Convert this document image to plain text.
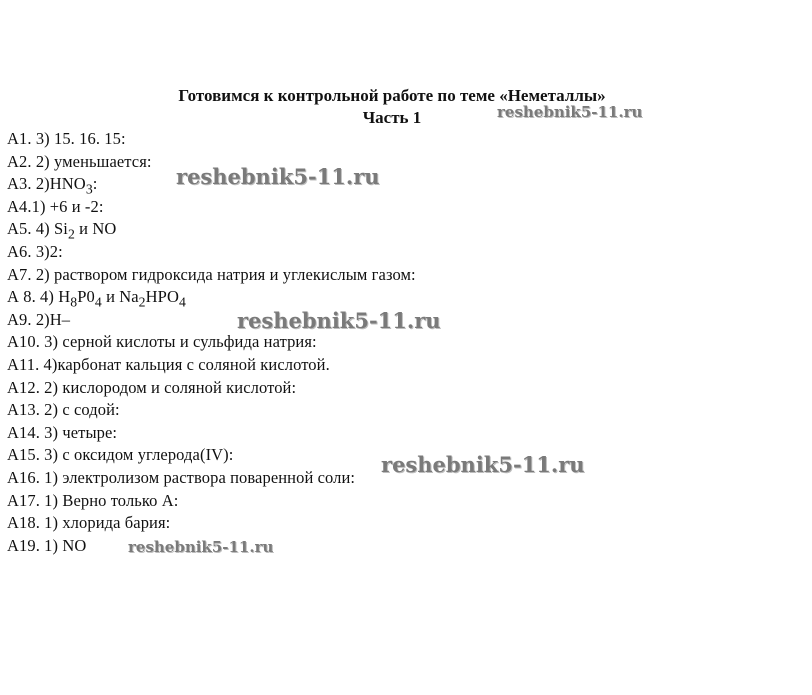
Готовимся к контрольной работе по теме «Неметаллы»
Часть 1
А1. 3) 15. 16. 15:
А2. 2) уменьшается:
А3. $2)HNO_3$:
А4.1) +6 и -2:
А5. 4) $Si_2$ и NO
А6. 3)2:
А7. 2) раствором гидроксида натрия и углекислым газом:
А 8. 4) $H_8P0_4$ и $Na_2HPO_4$
А9. 2)H–
А10. 3) серной кислоты и сульфида натрия:
А11. 4)карбонат кальция с соляной кислотой.
А12. 2) кислородом и соляной кислотой:
А13. 2) с содой:
А14. 3) четыре:
А15. 3) с оксидом углерода(IV):
А16. 1) электролизом раствора поваренной соли:
А17. 1) Верно только А:
А18. 1) хлорида бария:
А19. 1) NO
reshebnik5-11.ru
reshebnik5-11.ru
reshebnik5-11.ru
reshebnik5-11.ru
reshebnik5-11.ru
